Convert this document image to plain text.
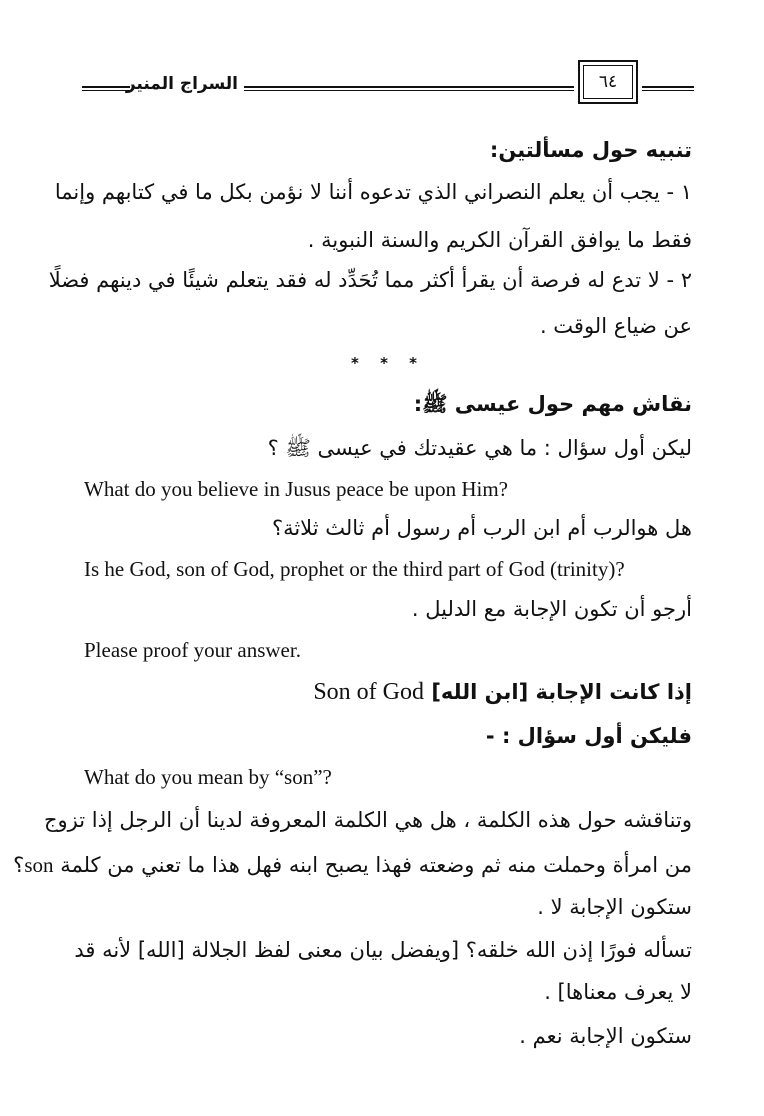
السراج المنير	٦٤
تنبيه حول مسألتين:
١ - يجب أن يعلم النصراني الذي تدعوه أننا لا نؤمن بكل ما في كتابهم وإنما
فقط ما يوافق القرآن الكريم والسنة النبوية .
٢ - لا تدع له فرصة أن يقرأ أكثر مما تُحَدِّد له فقد يتعلم شيئًا في دينهم فضلًا
عن ضياع الوقت .
* * *
نقاش مهم حول عيسى ﷺ:
ليكن أول سؤال : ما هي عقيدتك في عيسى ﷺ ؟
What do you believe in Jusus peace be upon Him?
هل هوالرب أم ابن الرب أم رسول أم ثالث ثلاثة؟
Is he God, son of God, prophet or the third part of God (trinity)?
أرجو أن تكون الإجابة مع الدليل .
Please proof your answer.
إذا كانت الإجابة [ابن الله] Son of God
فليكن أول سؤال : -
What do you mean by “son”?
وتناقشه حول هذه الكلمة ، هل هي الكلمة المعروفة لدينا أن الرجل إذا تزوج
من امرأة وحملت منه ثم وضعته فهذا يصبح ابنه فهل هذا ما تعني من كلمة son؟
ستكون الإجابة لا .
تسأله فورًا إذن الله خلقه؟ [ويفضل بيان معنى لفظ الجلالة [الله] لأنه قد
لا يعرف معناها] .
ستكون الإجابة نعم .
